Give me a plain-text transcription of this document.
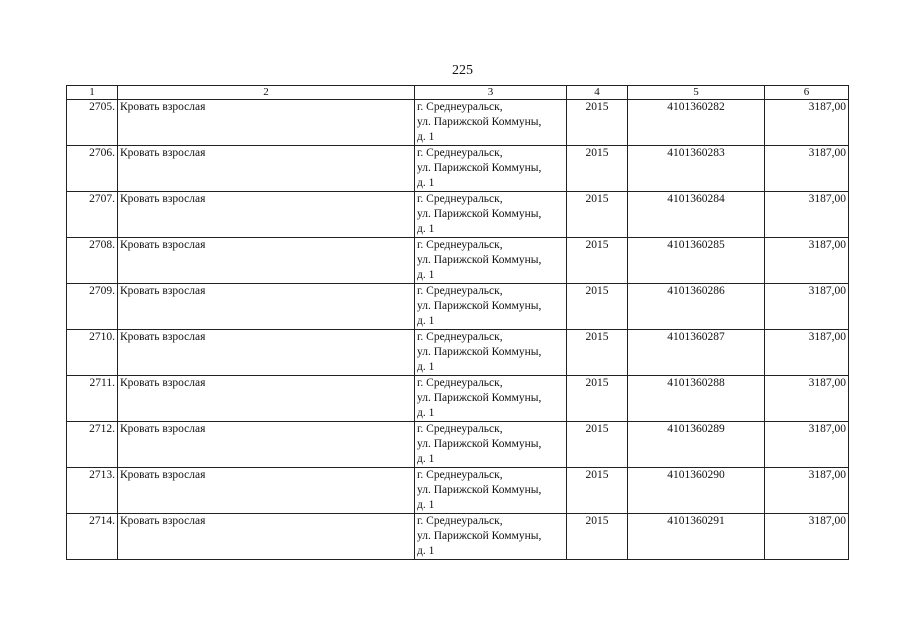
225
1	2	3	4	5	6
2705.	Кровать взрослая	г. Среднеуральск,
ул. Парижской Коммуны,
д. 1	2015	4101360282	3187,00
2706.	Кровать взрослая	г. Среднеуральск,
ул. Парижской Коммуны,
д. 1	2015	4101360283	3187,00
2707.	Кровать взрослая	г. Среднеуральск,
ул. Парижской Коммуны,
д. 1	2015	4101360284	3187,00
2708.	Кровать взрослая	г. Среднеуральск,
ул. Парижской Коммуны,
д. 1	2015	4101360285	3187,00
2709.	Кровать взрослая	г. Среднеуральск,
ул. Парижской Коммуны,
д. 1	2015	4101360286	3187,00
2710.	Кровать взрослая	г. Среднеуральск,
ул. Парижской Коммуны,
д. 1	2015	4101360287	3187,00
2711.	Кровать взрослая	г. Среднеуральск,
ул. Парижской Коммуны,
д. 1	2015	4101360288	3187,00
2712.	Кровать взрослая	г. Среднеуральск,
ул. Парижской Коммуны,
д. 1	2015	4101360289	3187,00
2713.	Кровать взрослая	г. Среднеуральск,
ул. Парижской Коммуны,
д. 1	2015	4101360290	3187,00
2714.	Кровать взрослая	г. Среднеуральск,
ул. Парижской Коммуны,
д. 1	2015	4101360291	3187,00
